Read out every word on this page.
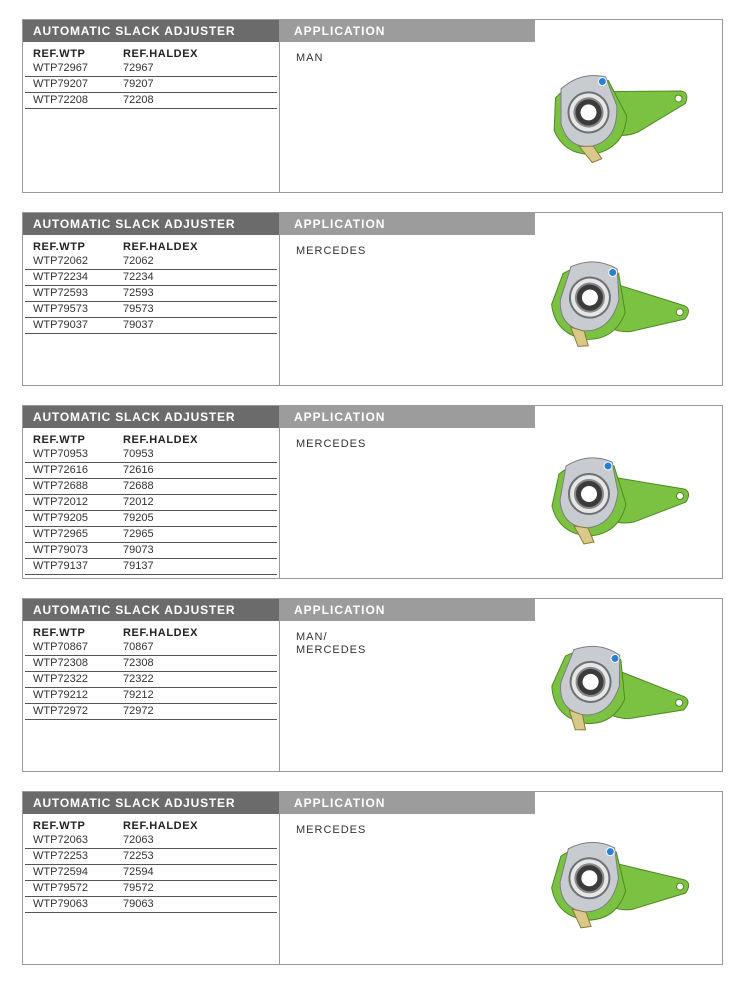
AUTOMATIC SLACK ADJUSTER	APPLICATION
REF.WTP	REF.HALDEX
WTP72967	72967
WTP79207	79207
WTP72208	72208
MAN
AUTOMATIC SLACK ADJUSTER	APPLICATION
REF.WTP	REF.HALDEX
WTP72062	72062
WTP72234	72234
WTP72593	72593
WTP79573	79573
WTP79037	79037
MERCEDES
AUTOMATIC SLACK ADJUSTER	APPLICATION
REF.WTP	REF.HALDEX
WTP70953	70953
WTP72616	72616
WTP72688	72688
WTP72012	72012
WTP79205	79205
WTP72965	72965
WTP79073	79073
WTP79137	79137
MERCEDES
AUTOMATIC SLACK ADJUSTER	APPLICATION
REF.WTP	REF.HALDEX
WTP70867	70867
WTP72308	72308
WTP72322	72322
WTP79212	79212
WTP72972	72972
MAN/
MERCEDES
AUTOMATIC SLACK ADJUSTER	APPLICATION
REF.WTP	REF.HALDEX
WTP72063	72063
WTP72253	72253
WTP72594	72594
WTP79572	79572
WTP79063	79063
MERCEDES
